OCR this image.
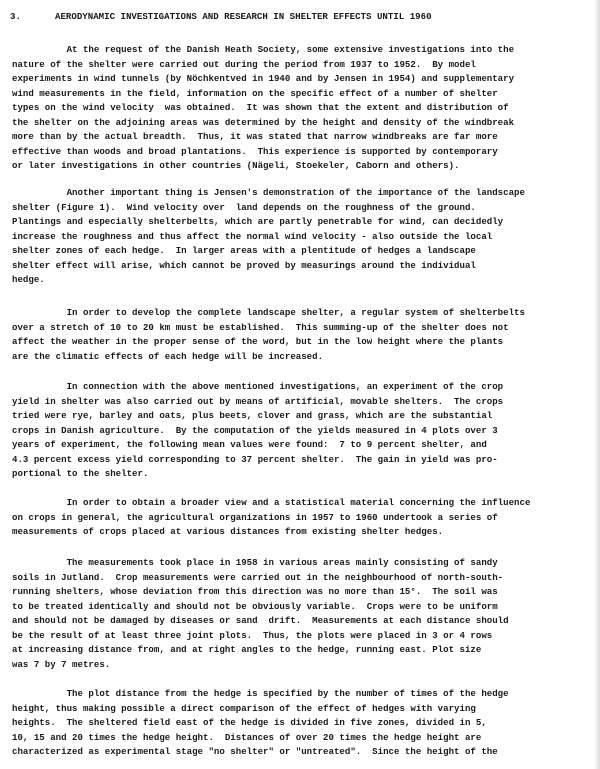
3.	AERODYNAMIC INVESTIGATIONS AND RESEARCH IN SHELTER EFFECTS UNTIL 1960
At the request of the Danish Heath Society, some extensive investigations into the
nature of the shelter were carried out during the period from 1937 to 1952.  By model
experiments in wind tunnels (by Nöchkentved in 1940 and by Jensen in 1954) and supplementary
wind measurements in the field, information on the specific effect of a number of shelter
types on the wind velocity  was obtained.  It was shown that the extent and distribution of
the shelter on the adjoining areas was determined by the height and density of the windbreak
more than by the actual breadth.  Thus, it was stated that narrow windbreaks are far more
effective than woods and broad plantations.  This experience is supported by contemporary
or later investigations in other countries (Nägeli, Stoekeler, Caborn and others).
Another important thing is Jensen's demonstration of the importance of the landscape
shelter (Figure 1).  Wind velocity over  land depends on the roughness of the ground.
Plantings and especially shelterbelts, which are partly penetrable for wind, can decidedly
increase the roughness and thus affect the normal wind velocity - also outside the local
shelter zones of each hedge.  In larger areas with a plentitude of hedges a landscape
shelter effect will arise, which cannot be proved by measurings around the individual
hedge.
In order to develop the complete landscape shelter, a regular system of shelterbelts
over a stretch of 10 to 20 km must be established.  This summing-up of the shelter does not
affect the weather in the proper sense of the word, but in the low height where the plants
are the climatic effects of each hedge will be increased.
In connection with the above mentioned investigations, an experiment of the crop
yield in shelter was also carried out by means of artificial, movable shelters.  The crops
tried were rye, barley and oats, plus beets, clover and grass, which are the substantial
crops in Danish agriculture.  By the computation of the yields measured in 4 plots over 3
years of experiment, the following mean values were found:  7 to 9 percent shelter, and
4.3 percent excess yield corresponding to 37 percent shelter.  The gain in yield was pro-
portional to the shelter.
In order to obtain a broader view and a statistical material concerning the influence
on crops in general, the agricultural organizations in 1957 to 1960 undertook a series of
measurements of crops placed at various distances from existing shelter hedges.
The measurements took place in 1958 in various areas mainly consisting of sandy
soils in Jutland.  Crop measurements were carried out in the neighbourhood of north-south-
running shelters, whose deviation from this direction was no more than 15°.  The soil was
to be treated identically and should not be obviously variable.  Crops were to be uniform
and should not be damaged by diseases or sand  drift.  Measurements at each distance should
be the result of at least three joint plots.  Thus, the plots were placed in 3 or 4 rows
at increasing distance from, and at right angles to the hedge, running east. Plot size
was 7 by 7 metres.
The plot distance from the hedge is specified by the number of times of the hedge
height, thus making possible a direct comparison of the effect of hedges with varying
heights.  The sheltered field east of the hedge is divided in five zones, divided in 5,
10, 15 and 20 times the hedge height.  Distances of over 20 times the hedge height are
characterized as experimental stage "no shelter" or "untreated".  Since the height of the
